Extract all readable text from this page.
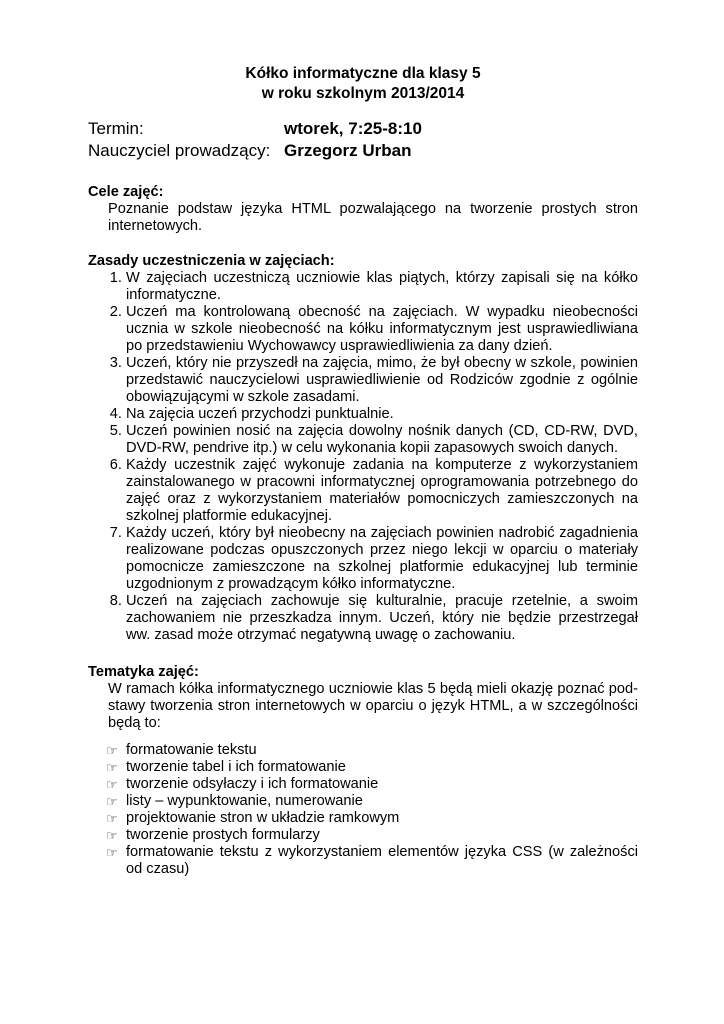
Kółko informatyczne dla klasy 5
w roku szkolnym 2013/2014
Termin:	wtorek, 7:25-8:10
Nauczyciel prowadzący: Grzegorz Urban
Cele zajęć:
Poznanie podstaw języka HTML pozwalającego na tworzenie prostych stron internetowych.
Zasady uczestniczenia w zajęciach:
1. W zajęciach uczestniczą uczniowie klas piątych, którzy zapisali się na kółko informatyczne.
2. Uczeń ma kontrolowaną obecność na zajęciach. W wypadku nieobecności ucznia w szkole nieobecność na kółku informatycznym jest usprawiedliwiana po przedstawieniu Wychowawcy usprawiedliwienia za dany dzień.
3. Uczeń, który nie przyszedł na zajęcia, mimo, że był obecny w szkole, powinien przedstawić nauczycielowi usprawiedliwienie od Rodziców zgodnie z ogólnie obowiązującymi w szkole zasadami.
4. Na zajęcia uczeń przychodzi punktualnie.
5. Uczeń powinien nosić na zajęcia dowolny nośnik danych (CD, CD-RW, DVD, DVD-RW, pendrive itp.) w celu wykonania kopii zapasowych swoich danych.
6. Każdy uczestnik zajęć wykonuje zadania na komputerze z wykorzystaniem zainstalowanego w pracowni informatycznej oprogramowania potrzebnego do zajęć oraz z wykorzystaniem materiałów pomocniczych zamieszczonych na szkolnej platformie edukacyjnej.
7. Każdy uczeń, który był nieobecny na zajęciach powinien nadrobić zagadnienia realizowane podczas opuszczonych przez niego lekcji w oparciu o materiały pomocnicze zamieszczone na szkolnej platformie edukacyjnej lub terminie uzgodnionym z prowadzącym kółko informatyczne.
8. Uczeń na zajęciach zachowuje się kulturalnie, pracuje rzetelnie, a swoim zachowaniem nie przeszkadza innym. Uczeń, który nie będzie przestrzegał ww. zasad może otrzymać negatywną uwagę o zachowaniu.
Tematyka zajęć:
W ramach kółka informatycznego uczniowie klas 5 będą mieli okazję poznać pod-stawy tworzenia stron internetowych w oparciu o język HTML, a w szczególności będą to:
☞ formatowanie tekstu
☞ tworzenie tabel i ich formatowanie
☞ tworzenie odsyłaczy i ich formatowanie
☞ listy – wypunktowanie, numerowanie
☞ projektowanie stron w układzie ramkowym
☞ tworzenie prostych formularzy
☞ formatowanie tekstu z wykorzystaniem elementów języka CSS (w zależności od czasu)
